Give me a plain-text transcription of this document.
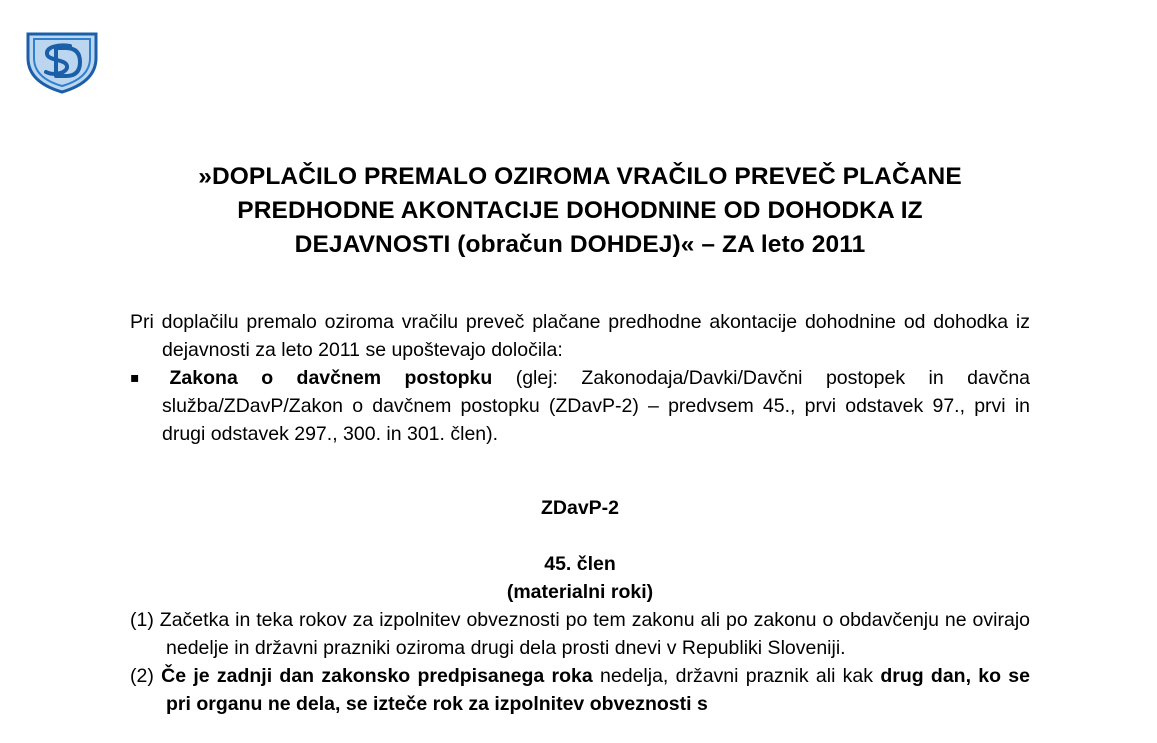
»DOPLAČILO PREMALO OZIROMA VRAČILO PREVEČ PLAČANE
PREDHODNE AKONTACIJE DOHODNINE OD DOHODKA IZ
DEJAVNOSTI (obračun DOHDEJ)« – ZA leto 2011

Pri doplačilu premalo oziroma vračilu preveč plačane predhodne akontacije dohodnine od dohodka iz dejavnosti za leto 2011 se upoštevajo določila:

▪ Zakona o davčnem postopku (glej: Zakonodaja/Davki/Davčni postopek in davčna služba/ZDavP/Zakon o davčnem postopku (ZDavP-2) – predvsem 45., prvi odstavek 97., prvi in drugi odstavek 297., 300. in 301. člen).

ZDavP-2

45. člen

(materialni roki)

(1) Začetka in teka rokov za izpolnitev obveznosti po tem zakonu ali po zakonu o obdavčenju ne ovirajo nedelje in državni prazniki oziroma drugi dela prosti dnevi v Republiki Sloveniji.

(2) Če je zadnji dan zakonsko predpisanega roka nedelja, državni praznik ali kak drug dan, ko se pri organu ne dela, se izteče rok za izpolnitev obveznosti s
